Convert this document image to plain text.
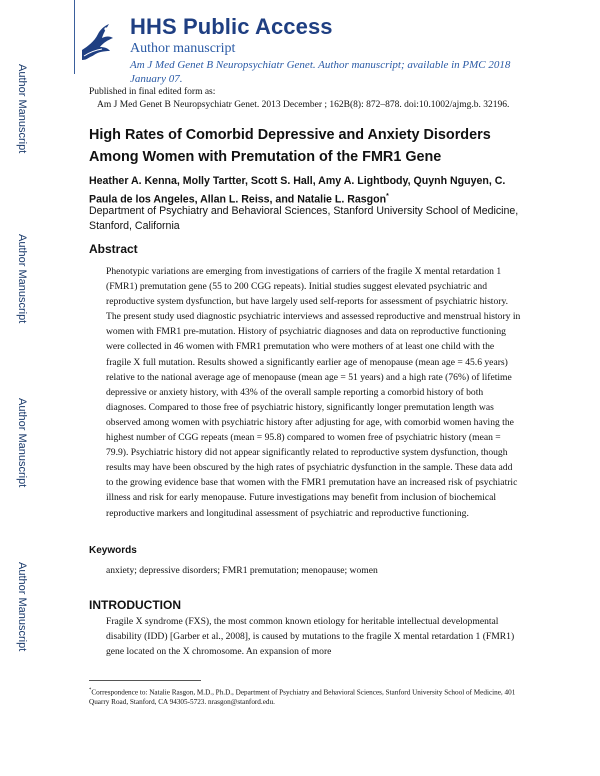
Author Manuscript
Author Manuscript
Author Manuscript
Author Manuscript
HHS Public Access
Author manuscript
Am J Med Genet B Neuropsychiatr Genet. Author manuscript; available in PMC 2018 January 07.
Published in final edited form as:
Am J Med Genet B Neuropsychiatr Genet. 2013 December ; 162B(8): 872–878. doi:10.1002/ajmg.b. 32196.
High Rates of Comorbid Depressive and Anxiety Disorders Among Women with Premutation of the FMR1 Gene
Heather A. Kenna, Molly Tartter, Scott S. Hall, Amy A. Lightbody, Quynh Nguyen, C. Paula de los Angeles, Allan L. Reiss, and Natalie L. Rasgon*
Department of Psychiatry and Behavioral Sciences, Stanford University School of Medicine, Stanford, California
Abstract
Phenotypic variations are emerging from investigations of carriers of the fragile X mental retardation 1 (FMR1) premutation gene (55 to 200 CGG repeats). Initial studies suggest elevated psychiatric and reproductive system dysfunction, but have largely used self-reports for assessment of psychiatric history. The present study used diagnostic psychiatric interviews and assessed reproductive and menstrual history in women with FMR1 pre-mutation. History of psychiatric diagnoses and data on reproductive functioning were collected in 46 women with FMR1 premutation who were mothers of at least one child with the fragile X full mutation. Results showed a significantly earlier age of menopause (mean age = 45.6 years) relative to the national average age of menopause (mean age = 51 years) and a high rate (76%) of lifetime depressive or anxiety history, with 43% of the overall sample reporting a comorbid history of both diagnoses. Compared to those free of psychiatric history, significantly longer premutation length was observed among women with psychiatric history after adjusting for age, with comorbid women having the highest number of CGG repeats (mean = 95.8) compared to women free of psychiatric history (mean = 79.9). Psychiatric history did not appear significantly related to reproductive system dysfunction, though results may have been obscured by the high rates of psychiatric dysfunction in the sample. These data add to the growing evidence base that women with the FMR1 premutation have an increased risk of psychiatric illness and risk for early menopause. Future investigations may benefit from inclusion of biochemical reproductive markers and longitudinal assessment of psychiatric and reproductive functioning.
Keywords
anxiety; depressive disorders; FMR1 premutation; menopause; women
INTRODUCTION
Fragile X syndrome (FXS), the most common known etiology for heritable intellectual developmental disability (IDD) [Garber et al., 2008], is caused by mutations to the fragile X mental retardation 1 (FMR1) gene located on the X chromosome. An expansion of more
*Correspondence to: Natalie Rasgon, M.D., Ph.D., Department of Psychiatry and Behavioral Sciences, Stanford University School of Medicine, 401 Quarry Road, Stanford, CA 94305-5723. nrasgon@stanford.edu.
